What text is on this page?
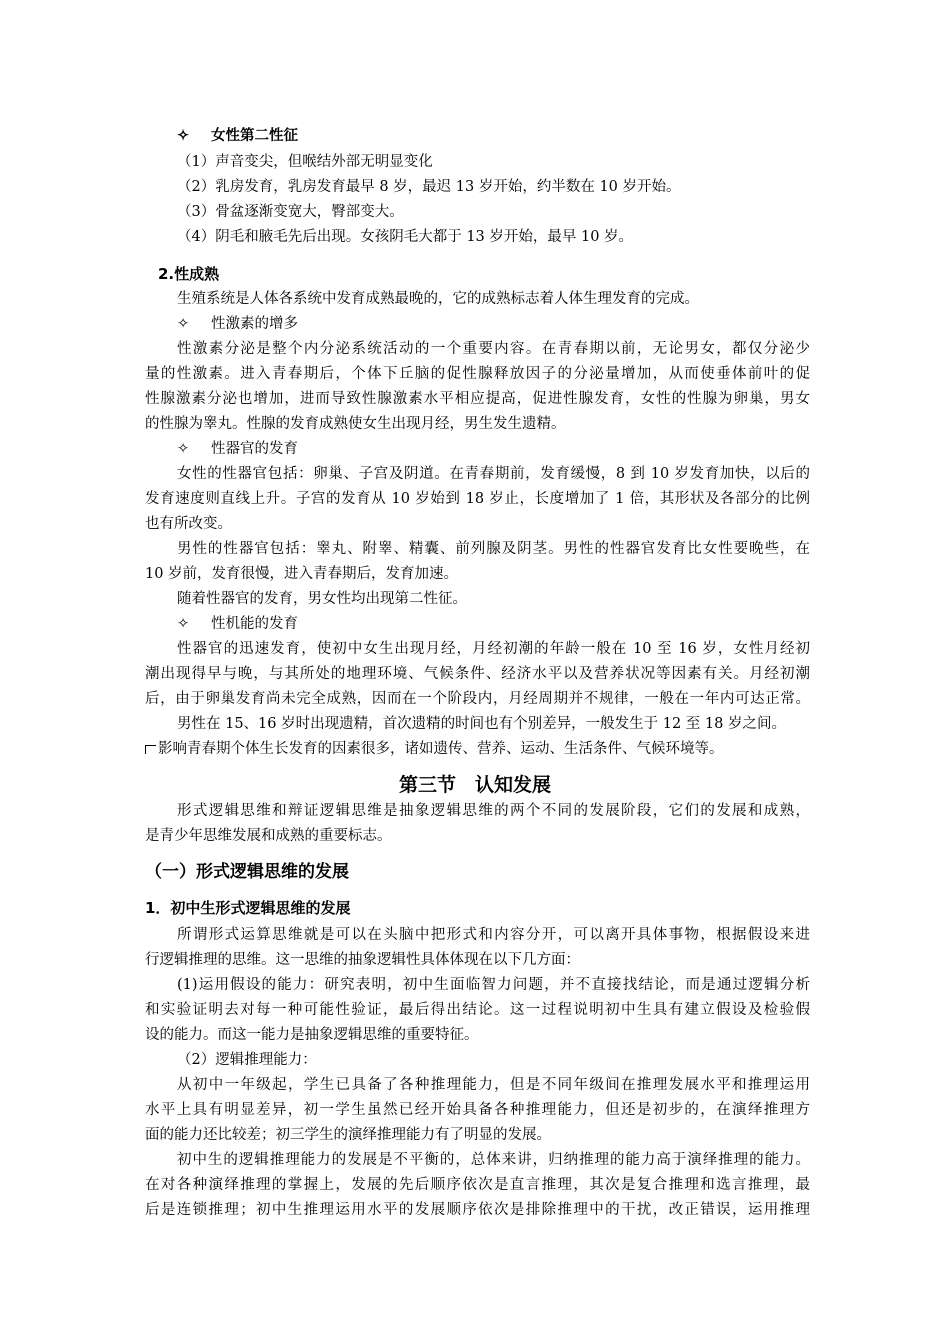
✧ 女性第二性征
（1）声音变尖，但喉结外部无明显变化
（2）乳房发育，乳房发育最早 8 岁，最迟 13 岁开始，约半数在 10 岁开始。
（3）骨盆逐渐变宽大，臀部变大。
（4）阴毛和腋毛先后出现。女孩阴毛大都于 13 岁开始，最早 10 岁。
2.性成熟
生殖系统是人体各系统中发育成熟最晚的，它的成熟标志着人体生理发育的完成。
✧ 性激素的增多
性激素分泌是整个内分泌系统活动的一个重要内容。在青春期以前，无论男女，都仅分泌少
量的性激素。进入青春期后，个体下丘脑的促性腺释放因子的分泌量增加，从而使垂体前叶的促
性腺激素分泌也增加，进而导致性腺激素水平相应提高，促进性腺发育，女性的性腺为卵巢，男女
的性腺为睾丸。性腺的发育成熟使女生出现月经，男生发生遗精。
✧ 性器官的发育
女性的性器官包括：卵巢、子宫及阴道。在青春期前，发育缓慢，8 到 10 岁发育加快，以后的
发育速度则直线上升。子宫的发育从 10 岁始到 18 岁止，长度增加了 1 倍，其形状及各部分的比例
也有所改变。
男性的性器官包括：睾丸、附睾、精囊、前列腺及阴茎。男性的性器官发育比女性要晚些，在
10 岁前，发育很慢，进入青春期后，发育加速。
随着性器官的发育，男女性均出现第二性征。
✧ 性机能的发育
性器官的迅速发育，使初中女生出现月经，月经初潮的年龄一般在 10 至 16 岁，女性月经初
潮出现得早与晚，与其所处的地理环境、气候条件、经济水平以及营养状况等因素有关。月经初潮
后，由于卵巢发育尚未完全成熟，因而在一个阶段内，月经周期并不规律，一般在一年内可达正常。
男性在 15、16 岁时出现遗精，首次遗精的时间也有个别差异，一般发生于 12 至 18 岁之间。
影响青春期个体生长发育的因素很多，诸如遗传、营养、运动、生活条件、气候环境等。
第三节　认知发展
形式逻辑思维和辩证逻辑思维是抽象逻辑思维的两个不同的发展阶段，它们的发展和成熟，
是青少年思维发展和成熟的重要标志。
（一）形式逻辑思维的发展
1．初中生形式逻辑思维的发展
所谓形式运算思维就是可以在头脑中把形式和内容分开，可以离开具体事物，根据假设来进
行逻辑推理的思维。这一思维的抽象逻辑性具体体现在以下几方面：
(1)运用假设的能力：研究表明，初中生面临智力问题，并不直接找结论，而是通过逻辑分析
和实验证明去对每一种可能性验证，最后得出结论。这一过程说明初中生具有建立假设及检验假
设的能力。而这一能力是抽象逻辑思维的重要特征。
（2）逻辑推理能力：
从初中一年级起，学生已具备了各种推理能力，但是不同年级间在推理发展水平和推理运用
水平上具有明显差异，初一学生虽然已经开始具备各种推理能力，但还是初步的，在演绎推理方
面的能力还比较差；初三学生的演绎推理能力有了明显的发展。
初中生的逻辑推理能力的发展是不平衡的，总体来讲，归纳推理的能力高于演绎推理的能力。
在对各种演绎推理的掌握上，发展的先后顺序依次是直言推理，其次是复合推理和选言推理，最
后是连锁推理；初中生推理运用水平的发展顺序依次是排除推理中的干扰，改正错误，运用推理
